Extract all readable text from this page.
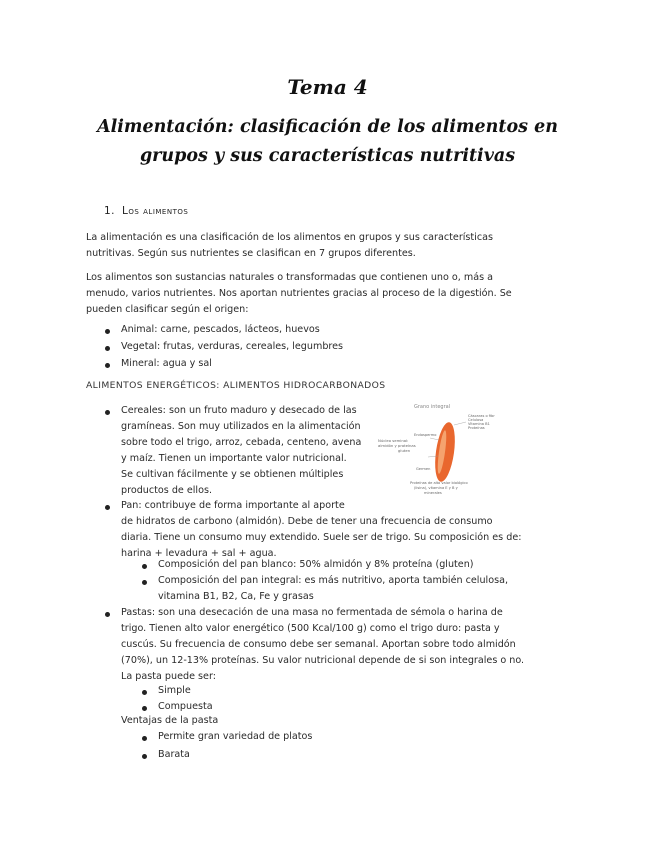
Tema 4
Alimentación: clasificación de los alimentos en
grupos y sus características nutritivas
1. Los alimentos
La alimentación es una clasificación de los alimentos en grupos y sus características
nutritivas. Según sus nutrientes se clasifican en 7 grupos diferentes.
Los alimentos son sustancias naturales o transformadas que contienen uno o, más a
menudo, varios nutrientes. Nos aportan nutrientes gracias al proceso de la digestión. Se
pueden clasificar según el origen:
Animal: carne, pescados, lácteos, huevos
Vegetal: frutas, verduras, cereales, legumbres
Mineral: agua y sal
ALIMENTOS ENERGÉTICOS: ALIMENTOS HIDROCARBONADOS
Cereales: son un fruto maduro y desecado de las
gramíneas. Son muy utilizados en la alimentación
sobre todo el trigo, arroz, cebada, centeno, avena
y maíz. Tienen un importante valor nutricional.
Se cultivan fácilmente y se obtienen múltiples
productos de ellos.
Grano integral
Núcleo seminal:
almidón y proteínas
gluten
Endospermo
Germen
Cáscaras o fibr
Celulosa
Vitamina B1
Proteínas
Proteínas de alto valor biológico
(lisina), vitamina E y B y
minerales
Pan: contribuye de forma importante al aporte
de hidratos de carbono (almidón). Debe de tener una frecuencia de consumo
diaria. Tiene un consumo muy extendido. Suele ser de trigo. Su composición es de:
harina + levadura + sal + agua.
Composición del pan blanco: 50% almidón y 8% proteína (gluten)
Composición del pan integral: es más nutritivo, aporta también celulosa,
vitamina B1, B2, Ca, Fe y grasas
Pastas: son una desecación de una masa no fermentada de sémola o harina de
trigo. Tienen alto valor energético (500 Kcal/100 g) como el trigo duro: pasta y
cuscús. Su frecuencia de consumo debe ser semanal. Aportan sobre todo almidón
(70%), un 12-13% proteínas. Su valor nutricional depende de si son integrales o no.
La pasta puede ser:
Simple
Compuesta
Ventajas de la pasta
Permite gran variedad de platos
Barata
